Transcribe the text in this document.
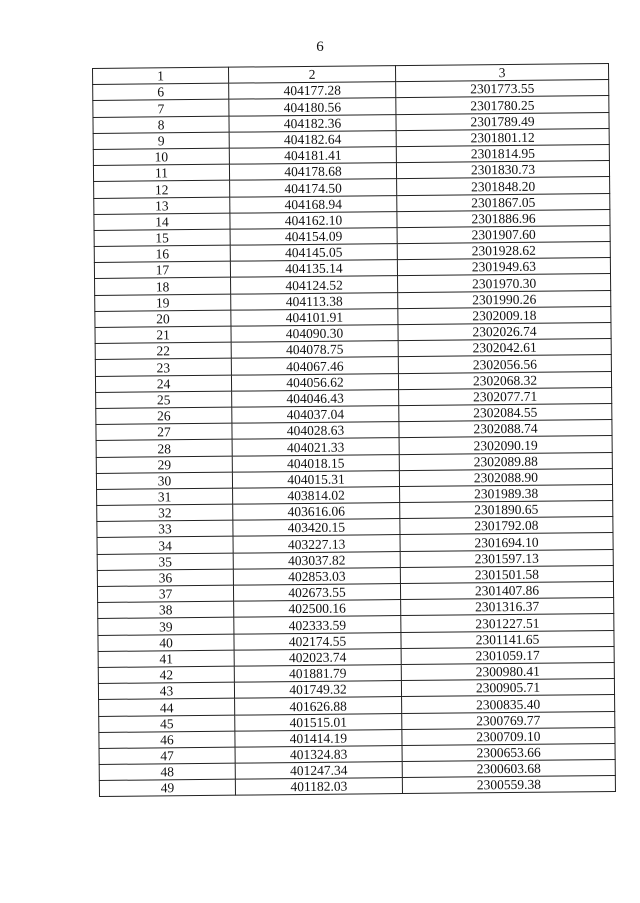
6
1	2	3
6	404177.28	2301773.55
7	404180.56	2301780.25
8	404182.36	2301789.49
9	404182.64	2301801.12
10	404181.41	2301814.95
11	404178.68	2301830.73
12	404174.50	2301848.20
13	404168.94	2301867.05
14	404162.10	2301886.96
15	404154.09	2301907.60
16	404145.05	2301928.62
17	404135.14	2301949.63
18	404124.52	2301970.30
19	404113.38	2301990.26
20	404101.91	2302009.18
21	404090.30	2302026.74
22	404078.75	2302042.61
23	404067.46	2302056.56
24	404056.62	2302068.32
25	404046.43	2302077.71
26	404037.04	2302084.55
27	404028.63	2302088.74
28	404021.33	2302090.19
29	404018.15	2302089.88
30	404015.31	2302088.90
31	403814.02	2301989.38
32	403616.06	2301890.65
33	403420.15	2301792.08
34	403227.13	2301694.10
35	403037.82	2301597.13
36	402853.03	2301501.58
37	402673.55	2301407.86
38	402500.16	2301316.37
39	402333.59	2301227.51
40	402174.55	2301141.65
41	402023.74	2301059.17
42	401881.79	2300980.41
43	401749.32	2300905.71
44	401626.88	2300835.40
45	401515.01	2300769.77
46	401414.19	2300709.10
47	401324.83	2300653.66
48	401247.34	2300603.68
49	401182.03	2300559.38
